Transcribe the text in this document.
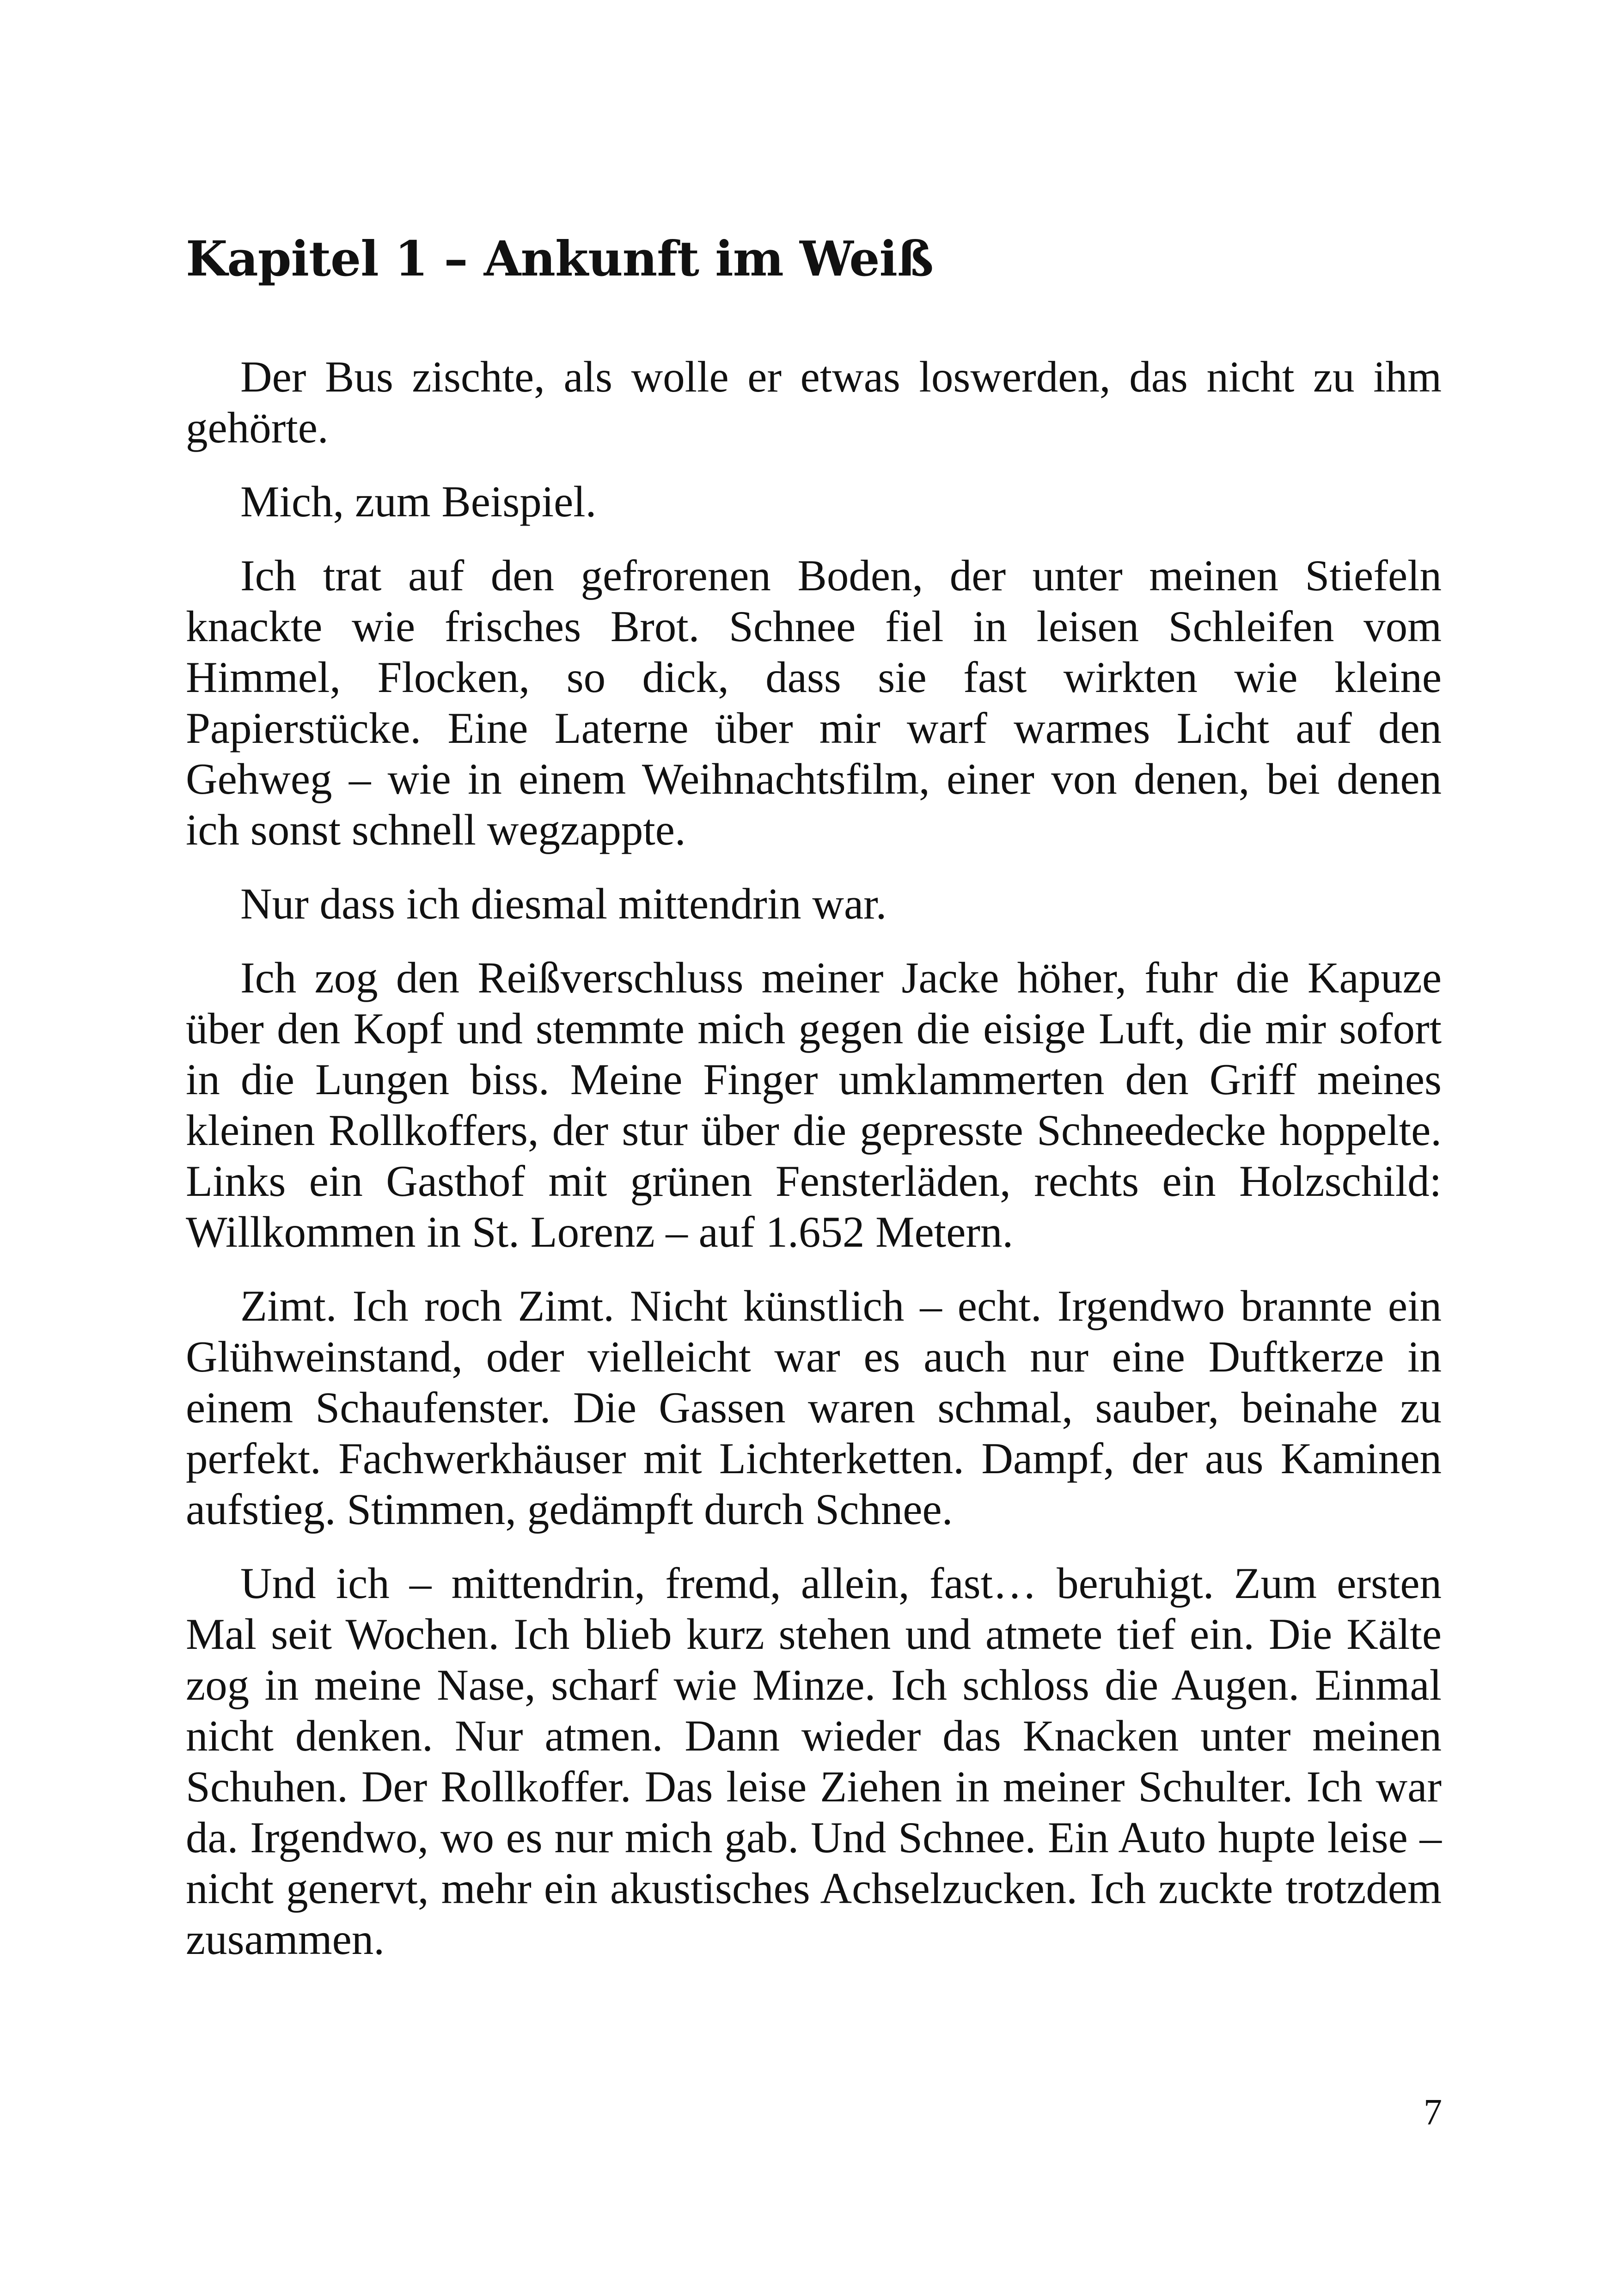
Kapitel 1 – Ankunft im Weiß

Der Bus zischte, als wolle er etwas loswerden, das nicht zu ihm gehörte.

Mich, zum Beispiel.

Ich trat auf den gefrorenen Boden, der unter meinen Stiefeln knackte wie frisches Brot. Schnee fiel in leisen Schleifen vom Himmel, Flocken, so dick, dass sie fast wirkten wie kleine Papierstücke. Eine Laterne über mir warf warmes Licht auf den Gehweg – wie in einem Weihnachtsfilm, einer von denen, bei denen ich sonst schnell wegzappte.

Nur dass ich diesmal mittendrin war.

Ich zog den Reißverschluss meiner Jacke höher, fuhr die Kapuze über den Kopf und stemmte mich gegen die eisige Luft, die mir sofort in die Lungen biss. Meine Finger umklammerten den Griff meines kleinen Rollkoffers, der stur über die gepresste Schneedecke hoppelte. Links ein Gasthof mit grünen Fensterläden, rechts ein Holzschild: Willkommen in St. Lorenz – auf 1.652 Metern.

Zimt. Ich roch Zimt. Nicht künstlich – echt. Irgendwo brannte ein Glühweinstand, oder vielleicht war es auch nur eine Duftkerze in einem Schaufenster. Die Gassen waren schmal, sauber, beinahe zu perfekt. Fachwerkhäuser mit Lichterketten. Dampf, der aus Kaminen aufstieg. Stimmen, gedämpft durch Schnee.

Und ich – mittendrin, fremd, allein, fast… beruhigt. Zum ersten Mal seit Wochen. Ich blieb kurz stehen und atmete tief ein. Die Kälte zog in meine Nase, scharf wie Minze. Ich schloss die Augen. Einmal nicht denken. Nur atmen. Dann wieder das Knacken unter meinen Schuhen. Der Rollkoffer. Das leise Ziehen in meiner Schulter. Ich war da. Irgendwo, wo es nur mich gab. Und Schnee. Ein Auto hupte leise – nicht genervt, mehr ein akustisches Achselzucken. Ich zuckte trotzdem zusammen.

7
